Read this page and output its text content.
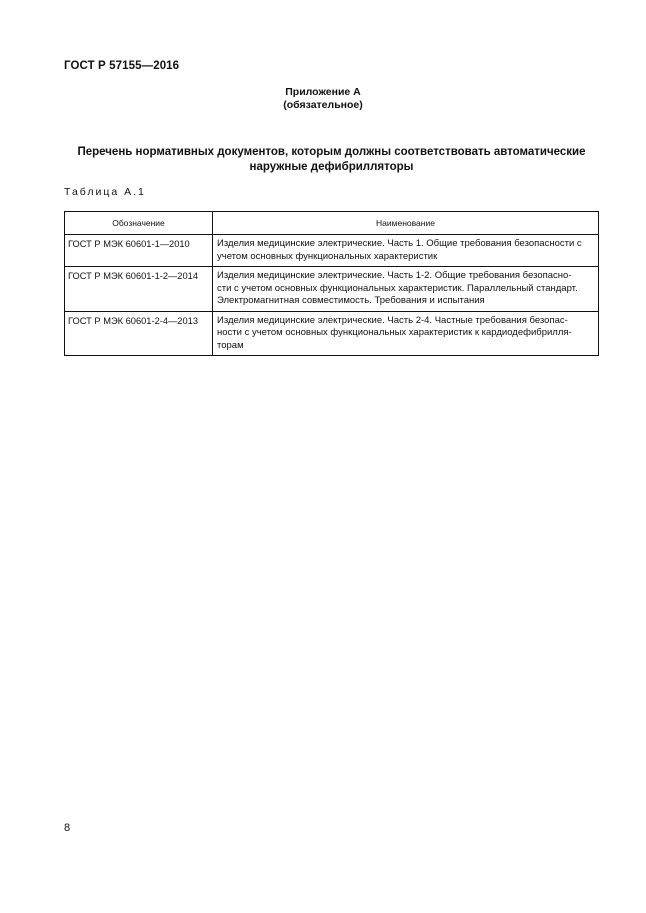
ГОСТ Р 57155—2016
Приложение А
(обязательное)
Перечень нормативных документов, которым должны соответствовать автоматические
наружные дефибрилляторы
Таблица А.1
Обозначение	Наименование
ГОСТ Р МЭК 60601-1—2010	Изделия медицинские электрические. Часть 1. Общие требования безопасности с
учетом основных функциональных характеристик

ГОСТ Р МЭК 60601-1-2—2014	Изделия медицинские электрические. Часть 1-2. Общие требования безопасно-
сти с учетом основных функциональных характеристик. Параллельный стандарт.
Электромагнитная совместимость. Требования и испытания

ГОСТ Р МЭК 60601-2-4—2013	Изделия медицинские электрические. Часть 2-4. Частные требования безопас-
ности с учетом основных функциональных характеристик к кардиодефибрилля-
торам
8
